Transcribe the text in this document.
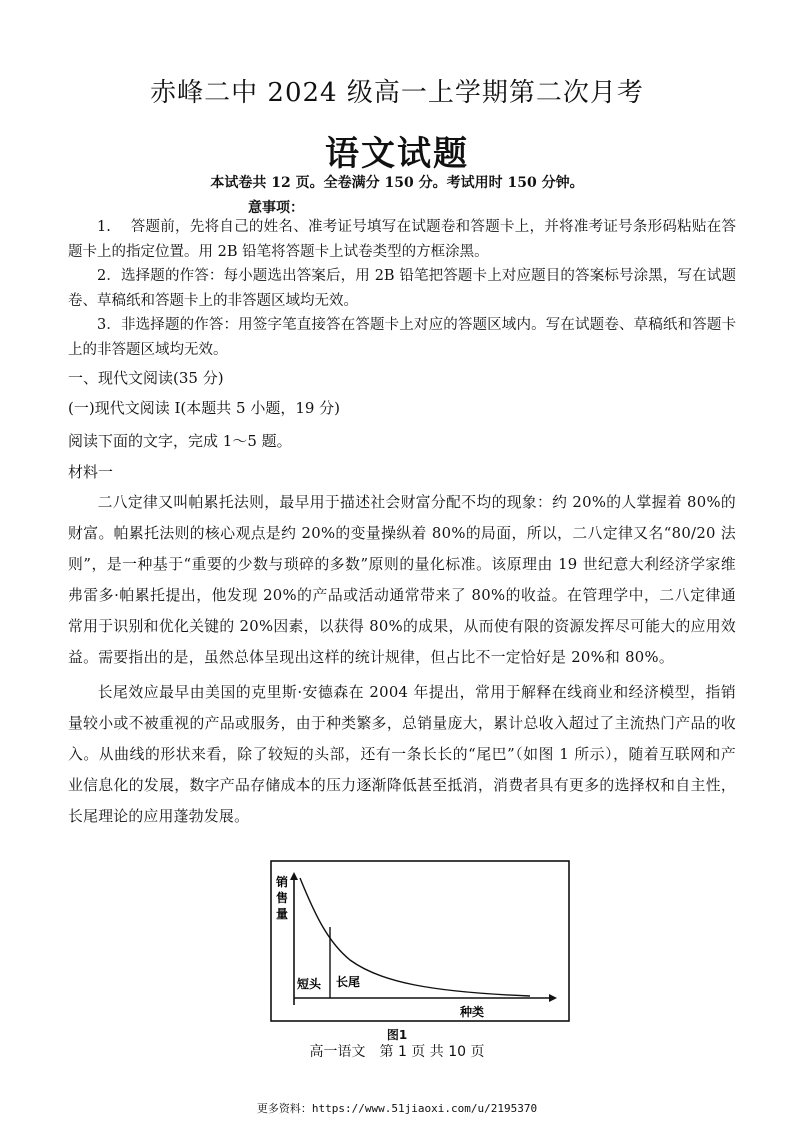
赤峰二中 2024 级高一上学期第二次月考
语文试题
本试卷共 12 页。全卷满分 150 分。考试用时 150 分钟。
意事项：
1.　 答题前，先将自己的姓名、准考证号填写在试题卷和答题卡上，并将准考证号条形码粘贴在答题卡上的指定位置。用 2B 铅笔将答题卡上试卷类型的方框涂黑。
2．选择题的作答：每小题选出答案后，用 2B 铅笔把答题卡上对应题目的答案标号涂黑，写在试题卷、草稿纸和答题卡上的非答题区域均无效。
3．非选择题的作答：用签字笔直接答在答题卡上对应的答题区域内。写在试题卷、草稿纸和答题卡上的非答题区域均无效。
一、现代文阅读(35 分)
(一)现代文阅读 I(本题共 5 小题，19 分)
阅读下面的文字，完成 1～5 题。
材料一
二八定律又叫帕累托法则，最早用于描述社会财富分配不均的现象：约 20%的人掌握着 80%的财富。帕累托法则的核心观点是约 20%的变量操纵着 80%的局面，所以，二八定律又名“80/20 法则”，是一种基于“重要的少数与琐碎的多数”原则的量化标准。该原理由 19 世纪意大利经济学家维弗雷多·帕累托提出，他发现 20%的产品或活动通常带来了 80%的收益。在管理学中，二八定律通常用于识别和优化关键的 20%因素，以获得 80%的成果，从而使有限的资源发挥尽可能大的应用效益。需要指出的是，虽然总体呈现出这样的统计规律，但占比不一定恰好是 20%和 80%。
长尾效应最早由美国的克里斯·安德森在 2004 年提出，常用于解释在线商业和经济模型，指销量较小或不被重视的产品或服务，由于种类繁多，总销量庞大，累计总收入超过了主流热门产品的收入。从曲线的形状来看，除了较短的头部，还有一条长长的“尾巴”（如图 1 所示），随着互联网和产业信息化的发展，数字产品存储成本的压力逐渐降低甚至抵消，消费者具有更多的选择权和自主性，长尾理论的应用蓬勃发展。
销
售
量
短头 长尾
种类
图1
高一语文　第 1 页 共 10 页
更多资料：https://www.51jiaoxi.com/u/2195370
